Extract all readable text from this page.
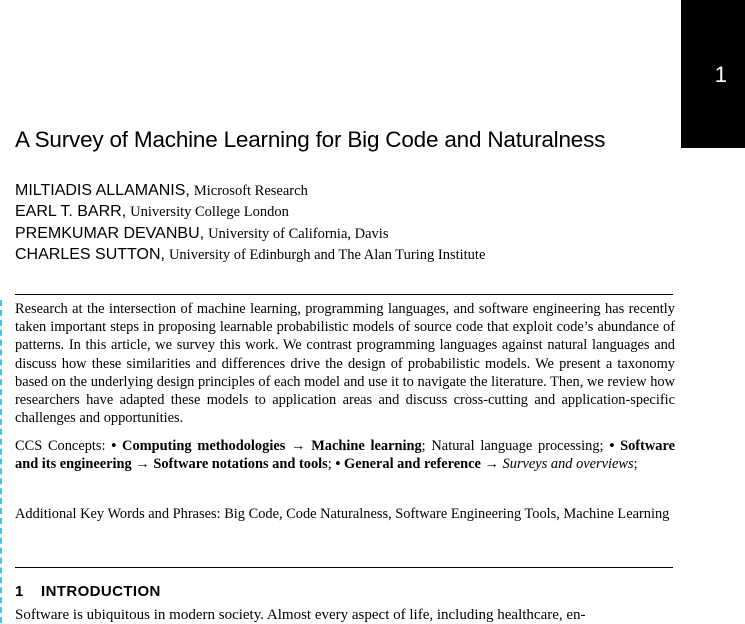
1
A Survey of Machine Learning for Big Code and Naturalness
MILTIADIS ALLAMANIS, Microsoft Research
EARL T. BARR, University College London
PREMKUMAR DEVANBU, University of California, Davis
CHARLES SUTTON, University of Edinburgh and The Alan Turing Institute

Research at the intersection of machine learning, programming languages, and software engineering has recently taken important steps in proposing learnable probabilistic models of source code that exploit code’s abundance of patterns. In this article, we survey this work. We contrast programming languages against natural languages and discuss how these similarities and differences drive the design of probabilistic models. We present a taxonomy based on the underlying design principles of each model and use it to navigate the literature. Then, we review how researchers have adapted these models to application areas and discuss cross-cutting and application-specific challenges and opportunities.

CCS Concepts: • Computing methodologies → Machine learning; Natural language processing; • Software and its engineering → Software notations and tools; • General and reference → Surveys and overviews;

Additional Key Words and Phrases: Big Code, Code Naturalness, Software Engineering Tools, Machine Learning

1 INTRODUCTION

Software is ubiquitous in modern society. Almost every aspect of life, including healthcare, en-
